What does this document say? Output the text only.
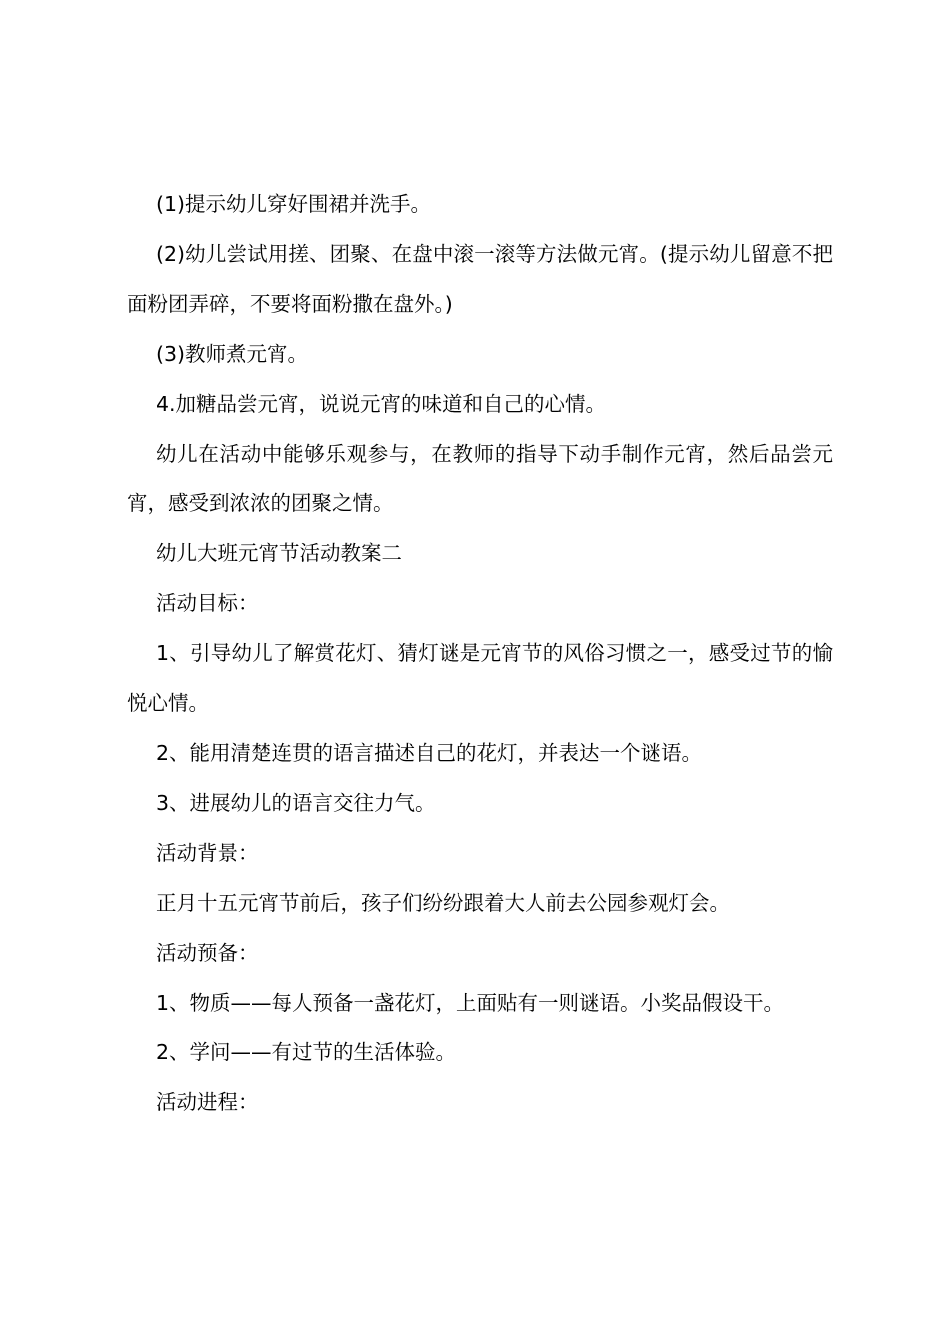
(1)提示幼儿穿好围裙并洗手。

(2)幼儿尝试用搓、团聚、在盘中滚一滚等方法做元宵。(提示幼儿留意不把面粉团弄碎，不要将面粉撒在盘外。)

(3)教师煮元宵。

4.加糖品尝元宵，说说元宵的味道和自己的心情。

幼儿在活动中能够乐观参与，在教师的指导下动手制作元宵，然后品尝元宵，感受到浓浓的团聚之情。

幼儿大班元宵节活动教案二

活动目标：

1、引导幼儿了解赏花灯、猜灯谜是元宵节的风俗习惯之一，感受过节的愉悦心情。

2、能用清楚连贯的语言描述自己的花灯，并表达一个谜语。

3、进展幼儿的语言交往力气。

活动背景：

正月十五元宵节前后，孩子们纷纷跟着大人前去公园参观灯会。

活动预备：

1、物质——每人预备一盏花灯，上面贴有一则谜语。小奖品假设干。

2、学问——有过节的生活体验。

活动进程：
